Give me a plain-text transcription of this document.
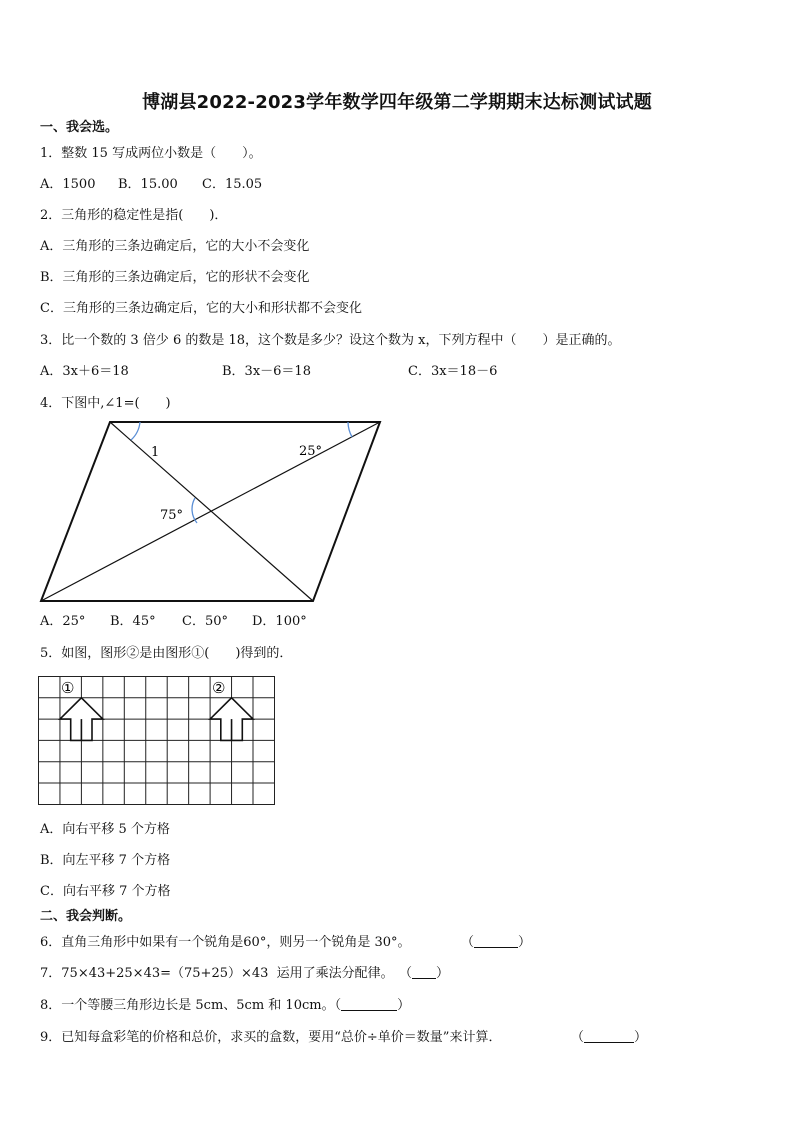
博湖县2022-2023学年数学四年级第二学期期末达标测试试题
一、我会选。
1．整数 15 写成两位小数是（　　）。
A．1500 B．15.00 C．15.05
2．三角形的稳定性是指(　　)．
A．三角形的三条边确定后，它的大小不会变化
B．三角形的三条边确定后，它的形状不会变化
C．三角形的三条边确定后，它的大小和形状都不会变化
3．比一个数的 3 倍少 6 的数是 18，这个数是多少？设这个数为 x，下列方程中（　　）是正确的。
A．3x＋6＝18	B．3x－6＝18	C．3x＝18－6
4．下图中,∠1=(　　)
1	25°
75°
A．25° B．45° C．50° D．100°
5．如图，图形②是由图形①(　　)得到的．
①	②
A．向右平移 5 个方格
B．向左平移 7 个方格
C．向右平移 7 个方格
二、我会判断。
6．直角三角形中如果有一个锐角是60°，则另一个锐角是 30°。	（	）
7．75×43+25×43=（75+25）×43  运用了乘法分配律。 （ ）
8．一个等腰三角形边长是 5cm、5cm 和 10cm。（	）
9．已知每盒彩笔的价格和总价，求买的盒数，要用“总价÷单价＝数量”来计算．	（	）
